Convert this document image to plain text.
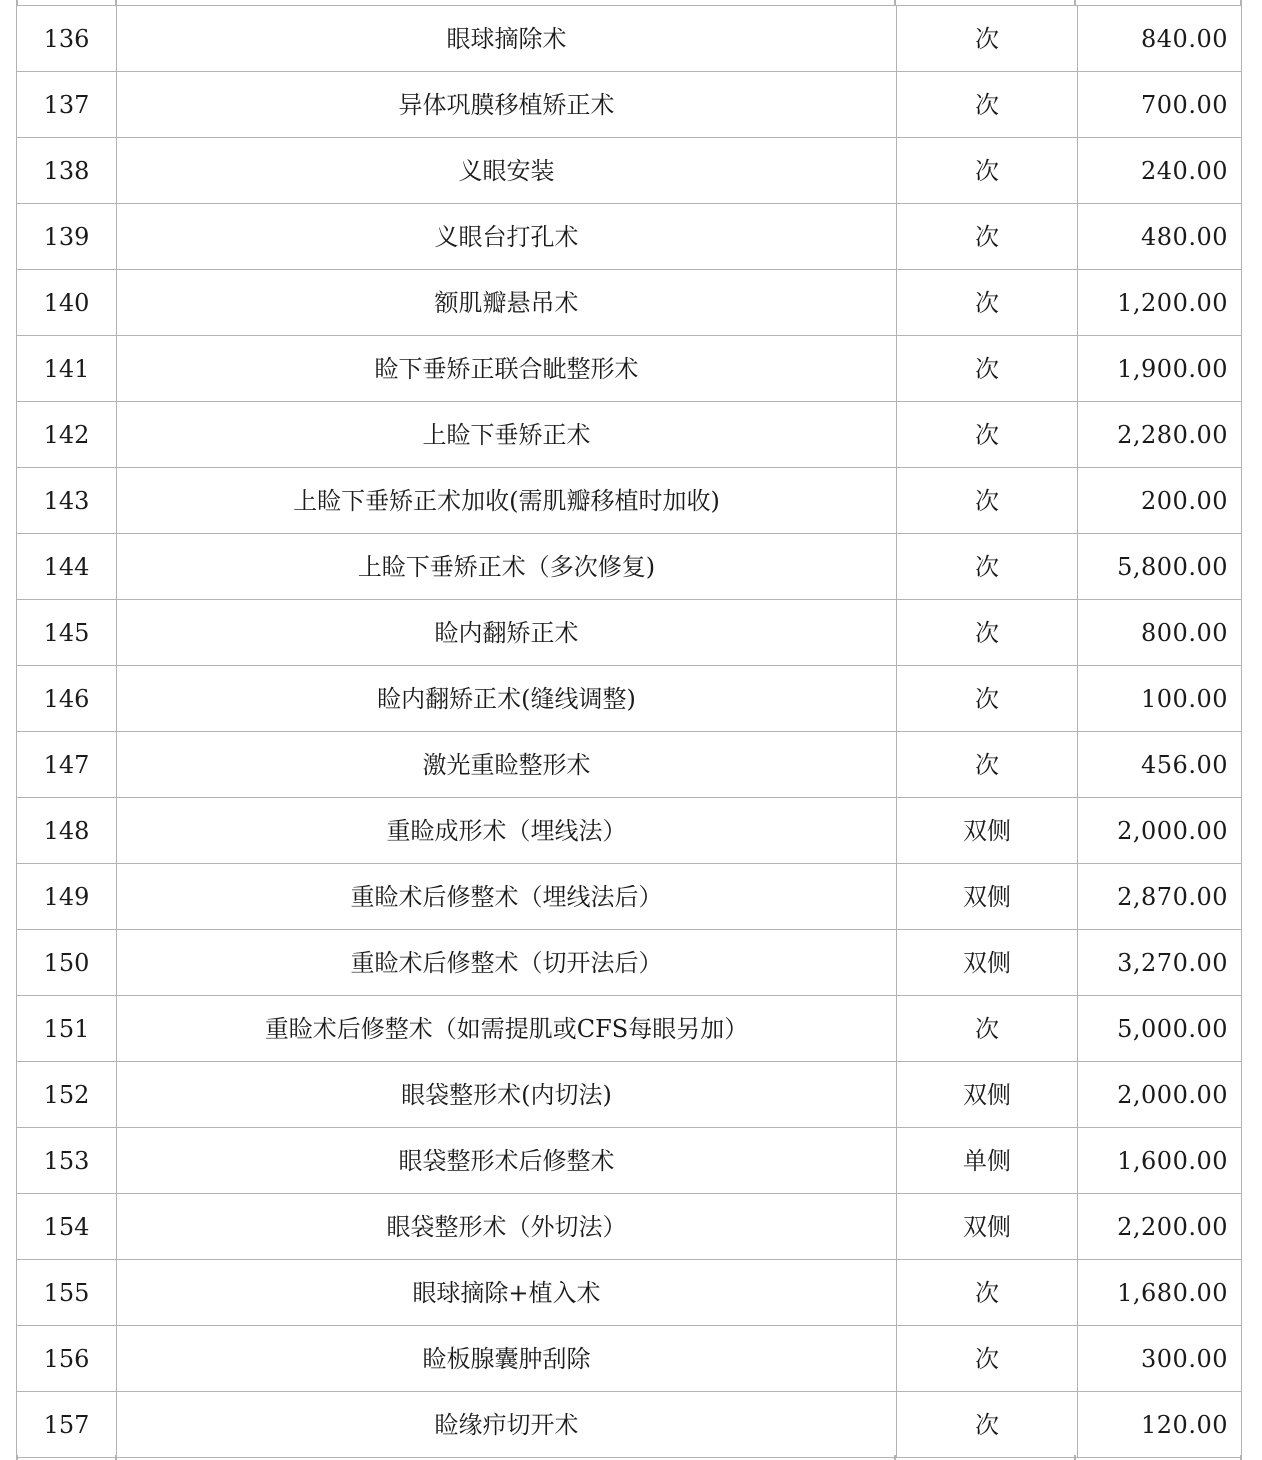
136	眼球摘除术	次	840.00
137	异体巩膜移植矫正术	次	700.00
138	义眼安装	次	240.00
139	义眼台打孔术	次	480.00
140	额肌瓣悬吊术	次	1,200.00
141	睑下垂矫正联合眦整形术	次	1,900.00
142	上睑下垂矫正术	次	2,280.00
143	上睑下垂矫正术加收(需肌瓣移植时加收)	次	200.00
144	上睑下垂矫正术（多次修复)	次	5,800.00
145	睑内翻矫正术	次	800.00
146	睑内翻矫正术(缝线调整)	次	100.00
147	激光重睑整形术	次	456.00
148	重睑成形术（埋线法）	双侧	2,000.00
149	重睑术后修整术（埋线法后）	双侧	2,870.00
150	重睑术后修整术（切开法后）	双侧	3,270.00
151	重睑术后修整术（如需提肌或CFS每眼另加）	次	5,000.00
152	眼袋整形术(内切法)	双侧	2,000.00
153	眼袋整形术后修整术	单侧	1,600.00
154	眼袋整形术（外切法）	双侧	2,200.00
155	眼球摘除+植入术	次	1,680.00
156	睑板腺囊肿刮除	次	300.00
157	睑缘疖切开术	次	120.00
